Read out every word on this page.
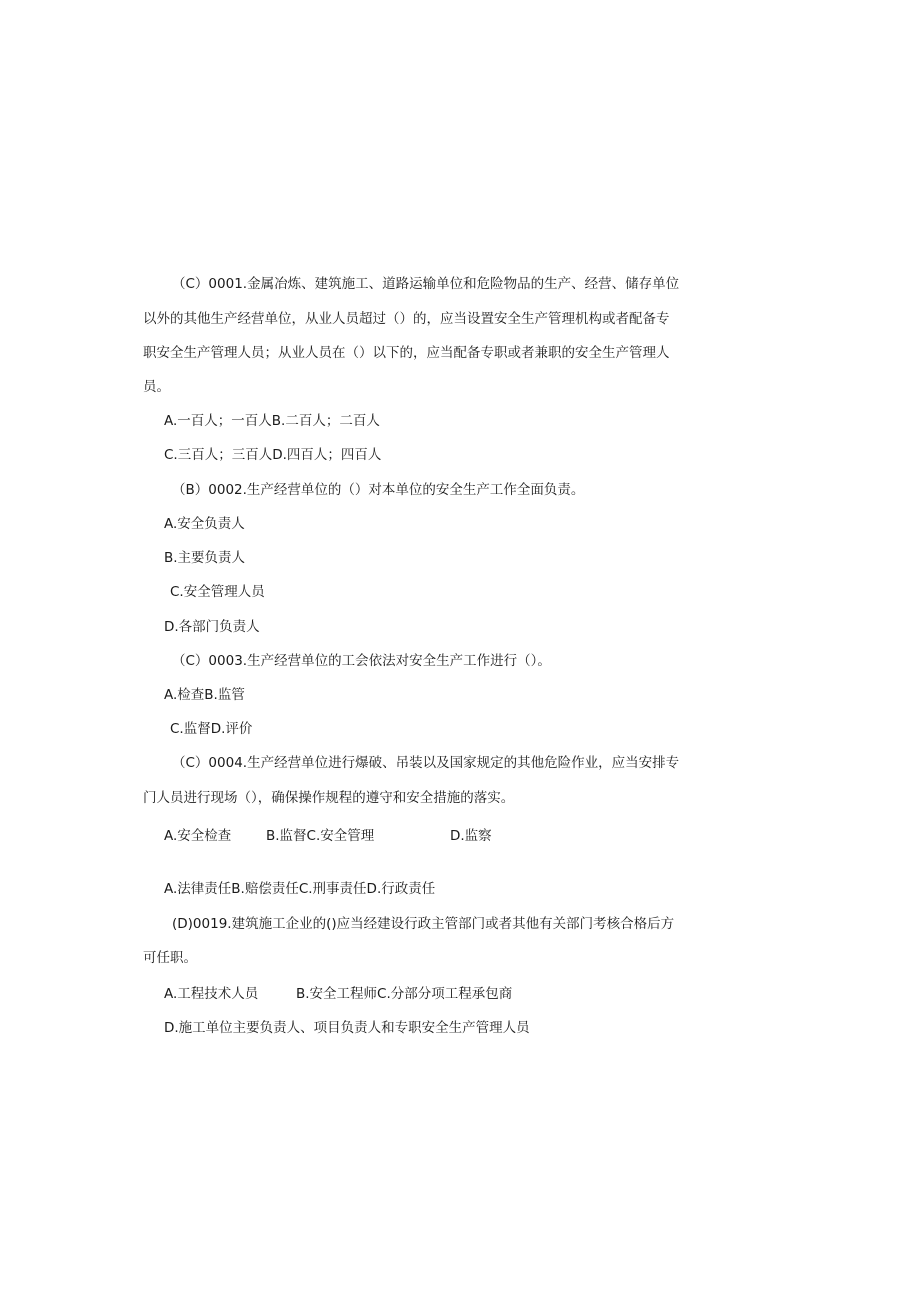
（C）0001.金属冶炼、建筑施工、道路运输单位和危险物品的生产、经营、储存单位
以外的其他生产经营单位，从业人员超过（）的，应当设置安全生产管理机构或者配备专
职安全生产管理人员；从业人员在（）以下的，应当配备专职或者兼职的安全生产管理人
员。
A.一百人；一百人B.二百人；二百人
C.三百人；三百人D.四百人；四百人
（B）0002.生产经营单位的（）对本单位的安全生产工作全面负责。
A.安全负责人
B.主要负责人
C.安全管理人员
D.各部门负责人
（C）0003.生产经营单位的工会依法对安全生产工作进行（）。
A.检查B.监管
C.监督D.评价
（C）0004.生产经营单位进行爆破、吊装以及国家规定的其他危险作业，应当安排专
门人员进行现场（），确保操作规程的遵守和安全措施的落实。
A.安全检查	B.监督C.安全管理	D.监察
A.法律责任B.赔偿责任C.刑事责任D.行政责任
(D)0019.建筑施工企业的()应当经建设行政主管部门或者其他有关部门考核合格后方
可任职。
A.工程技术人员	B.安全工程师C.分部分项工程承包商
D.施工单位主要负责人、项目负责人和专职安全生产管理人员
